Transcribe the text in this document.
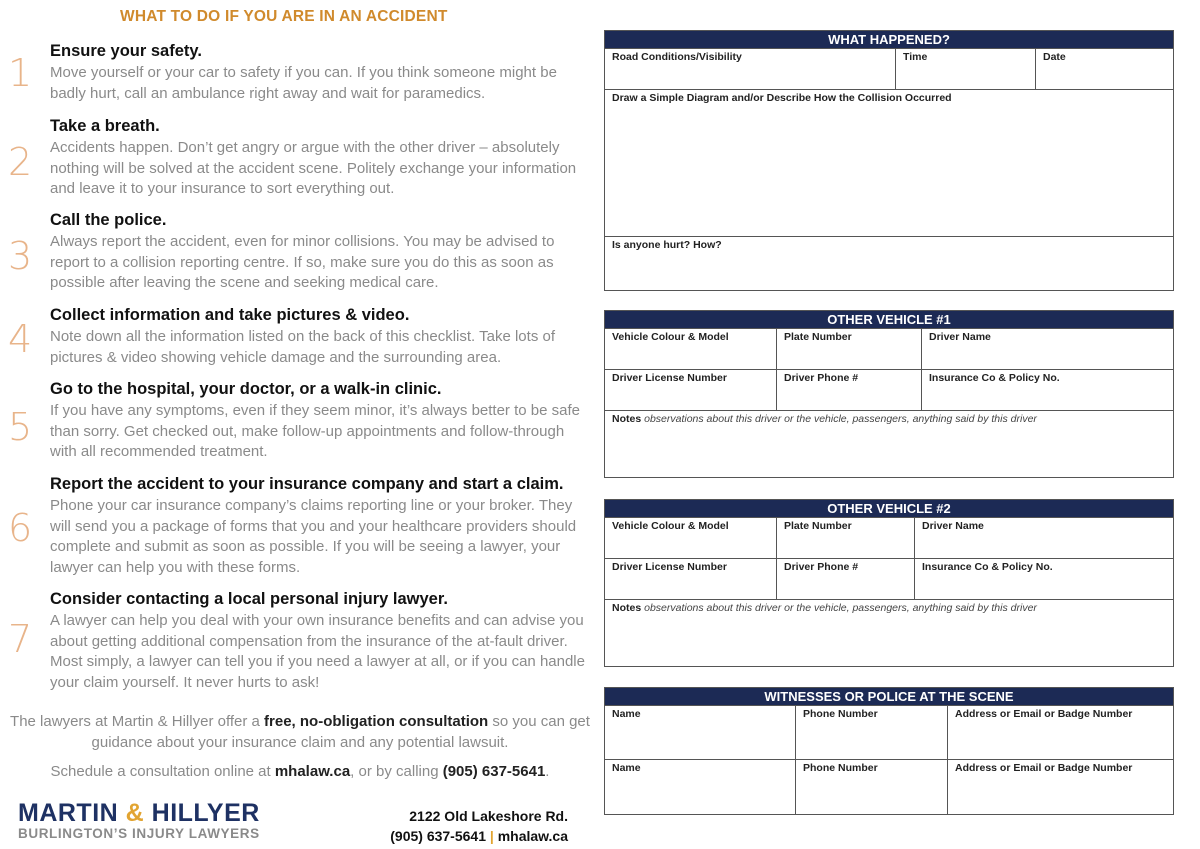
WHAT TO DO IF YOU ARE IN AN ACCIDENT
1 Ensure your safety.
Move yourself or your car to safety if you can. If you think someone might be badly hurt, call an ambulance right away and wait for paramedics.
2
Take a breath.
Accidents happen. Don’t get angry or argue with the other driver – absolutely nothing will be solved at the accident scene. Politely exchange your information and leave it to your insurance to sort everything out.
3
Call the police.
Always report the accident, even for minor collisions. You may be advised to report to a collision reporting centre. If so, make sure you do this as soon as possible after leaving the scene and seeking medical care.
4
Collect information and take pictures & video.
Note down all the information listed on the back of this checklist. Take lots of pictures & video showing vehicle damage and the surrounding area.
5
Go to the hospital, your doctor, or a walk-in clinic.
If you have any symptoms, even if they seem minor, it’s always better to be safe than sorry. Get checked out, make follow-up appointments and follow-through with all recommended treatment.
6
Report the accident to your insurance company and start a claim.
Phone your car insurance company’s claims reporting line or your broker. They will send you a package of forms that you and your healthcare providers should complete and submit as soon as possible. If you will be seeing a lawyer, your lawyer can help you with these forms.
7
Consider contacting a local personal injury lawyer.
A lawyer can help you deal with your own insurance benefits and can advise you about getting additional compensation from the insurance of the at-fault driver. Most simply, a lawyer can tell you if you need a lawyer at all, or if you can handle your claim yourself. It never hurts to ask!
The lawyers at Martin & Hillyer offer a free, no-obligation consultation so you can get guidance about your insurance claim and any potential lawsuit.
Schedule a consultation online at mhalaw.ca, or by calling (905) 637-5641.
MARTIN & HILLYER
BURLINGTON’S INJURY LAWYERS
2122 Old Lakeshore Rd.
(905) 637-5641 | mhalaw.ca
WHAT HAPPENED?
Road Conditions/Visibility	Time	Date
Draw a Simple Diagram and/or Describe How the Collision Occurred
Is anyone hurt? How?
OTHER VEHICLE #1
Vehicle Colour & Model	Plate Number	Driver Name
Driver License Number	Driver Phone #	Insurance Co & Policy No.
Notes observations about this driver or the vehicle, passengers, anything said by this driver
OTHER VEHICLE #2
Vehicle Colour & Model	Plate Number	Driver Name
Driver License Number	Driver Phone #	Insurance Co & Policy No.
Notes observations about this driver or the vehicle, passengers, anything said by this driver
WITNESSES OR POLICE AT THE SCENE
Name	Phone Number	Address or Email or Badge Number
Name	Phone Number	Address or Email or Badge Number
